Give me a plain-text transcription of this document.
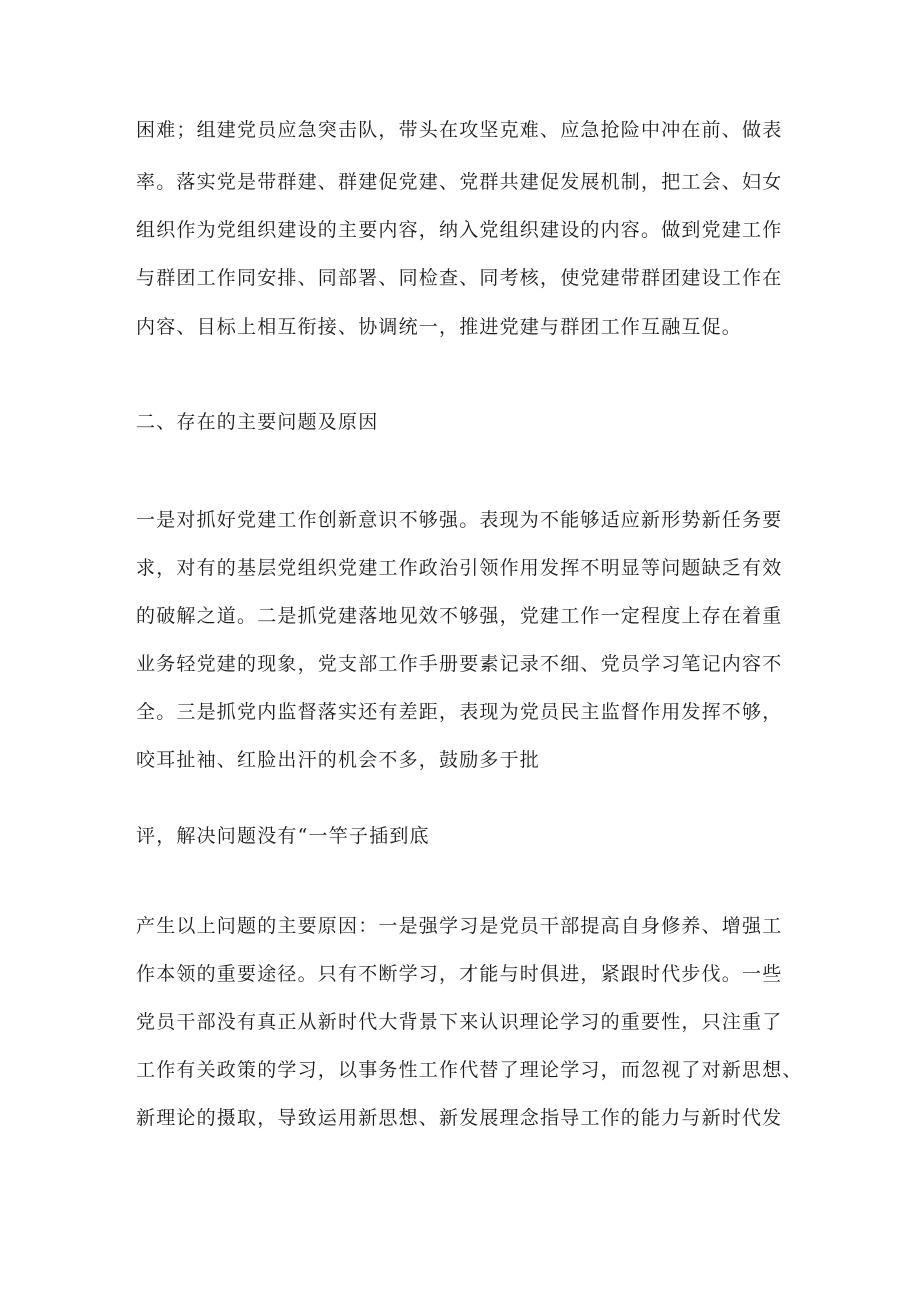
困难；组建党员应急突击队，带头在攻坚克难、应急抢险中冲在前、做表

率。落实党是带群建、群建促党建、党群共建促发展机制，把工会、妇女

组织作为党组织建设的主要内容，纳入党组织建设的内容。做到党建工作

与群团工作同安排、同部署、同检查、同考核，使党建带群团建设工作在

内容、目标上相互衔接、协调统一，推进党建与群团工作互融互促。

二、存在的主要问题及原因

一是对抓好党建工作创新意识不够强。表现为不能够适应新形势新任务要

求，对有的基层党组织党建工作政治引领作用发挥不明显等问题缺乏有效

的破解之道。二是抓党建落地见效不够强，党建工作一定程度上存在着重

业务轻党建的现象，党支部工作手册要素记录不细、党员学习笔记内容不

全。三是抓党内监督落实还有差距，表现为党员民主监督作用发挥不够，

咬耳扯袖、红脸出汗的机会不多，鼓励多于批

评，解决问题没有“一竿子插到底

产生以上问题的主要原因：一是强学习是党员干部提高自身修养、增强工

作本领的重要途径。只有不断学习，才能与时俱进，紧跟时代步伐。一些

党员干部没有真正从新时代大背景下来认识理论学习的重要性，只注重了

工作有关政策的学习，以事务性工作代替了理论学习，而忽视了对新思想、

新理论的摄取，导致运用新思想、新发展理念指导工作的能力与新时代发
